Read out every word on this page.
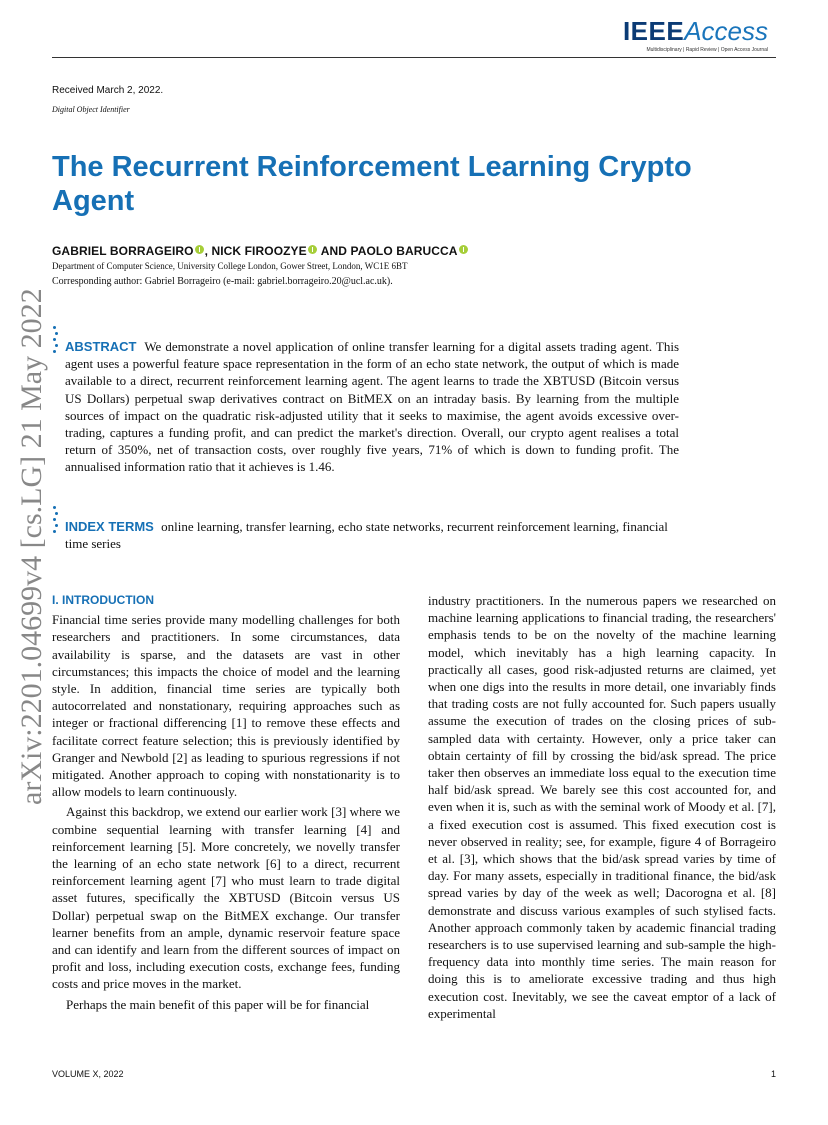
IEEEAccess
Multidisciplinary | Rapid Review | Open Access Journal
Received March 2, 2022.
Digital Object Identifier
The Recurrent Reinforcement Learning Crypto Agent
GABRIEL BORRAGEIRO , NICK FIROOZYE AND PAOLO BARUCCA
Department of Computer Science, University College London, Gower Street, London, WC1E 6BT
Corresponding author: Gabriel Borrageiro (e-mail: gabriel.borrageiro.20@ucl.ac.uk).
arXiv:2201.04699v4 [cs.LG] 21 May 2022	ABSTRACT We demonstrate a novel application of online transfer learning for a digital assets trading agent. This agent uses a powerful feature space representation in the form of an echo state network, the output of which is made available to a direct, recurrent reinforcement learning agent. The agent learns to trade the XBTUSD (Bitcoin versus US Dollars) perpetual swap derivatives contract on BitMEX on an intraday basis. By learning from the multiple sources of impact on the quadratic risk-adjusted utility that it seeks to maximise, the agent avoids excessive over-trading, captures a funding profit, and can predict the market's direction. Overall, our crypto agent realises a total return of 350%, net of transaction costs, over roughly five years, 71% of which is down to funding profit. The annualised information ratio that it achieves is 1.46.
INDEX TERMS online learning, transfer learning, echo state networks, recurrent reinforcement learning, financial time series
I. INTRODUCTION

Financial time series provide many modelling challenges for both researchers and practitioners. In some circumstances, data availability is sparse, and the datasets are vast in other circumstances; this impacts the choice of model and the learning style. In addition, financial time series are typically both autocorrelated and nonstationary, requiring approaches such as integer or fractional differencing [1] to remove these effects and facilitate correct feature selection; this is previously identified by Granger and Newbold [2] as leading to spurious regressions if not mitigated. Another approach to coping with nonstationarity is to allow models to learn continuously.

Against this backdrop, we extend our earlier work [3] where we combine sequential learning with transfer learning [4] and reinforcement learning [5]. More concretely, we novelly transfer the learning of an echo state network [6] to a direct, recurrent reinforcement learning agent [7] who must learn to trade digital asset futures, specifically the XBTUSD (Bitcoin versus US Dollar) perpetual swap on the BitMEX exchange. Our transfer learner benefits from an ample, dynamic reservoir feature space and can identify and learn from the different sources of impact on profit and loss, including execution costs, exchange fees, funding costs and price moves in the market.

Perhaps the main benefit of this paper will be for financial

industry practitioners. In the numerous papers we researched on machine learning applications to financial trading, the researchers' emphasis tends to be on the novelty of the machine learning model, which inevitably has a high learning capacity. In practically all cases, good risk-adjusted returns are claimed, yet when one digs into the results in more detail, one invariably finds that trading costs are not fully accounted for. Such papers usually assume the execution of trades on the closing prices of sub-sampled data with certainty. However, only a price taker can obtain certainty of fill by crossing the bid/ask spread. The price taker then observes an immediate loss equal to the execution time half bid/ask spread. We barely see this cost accounted for, and even when it is, such as with the seminal work of Moody et al. [7], a fixed execution cost is assumed. This fixed execution cost is never observed in reality; see, for example, figure 4 of Borrageiro et al. [3], which shows that the bid/ask spread varies by time of day. For many assets, especially in traditional finance, the bid/ask spread varies by day of the week as well; Dacorogna et al. [8] demonstrate and discuss various examples of such stylised facts. Another approach commonly taken by academic financial trading researchers is to use supervised learning and sub-sample the high-frequency data into monthly time series. The main reason for doing this is to ameliorate excessive trading and thus high execution cost. Inevitably, we see the caveat emptor of a lack of experimental

VOLUME X, 2022	1
